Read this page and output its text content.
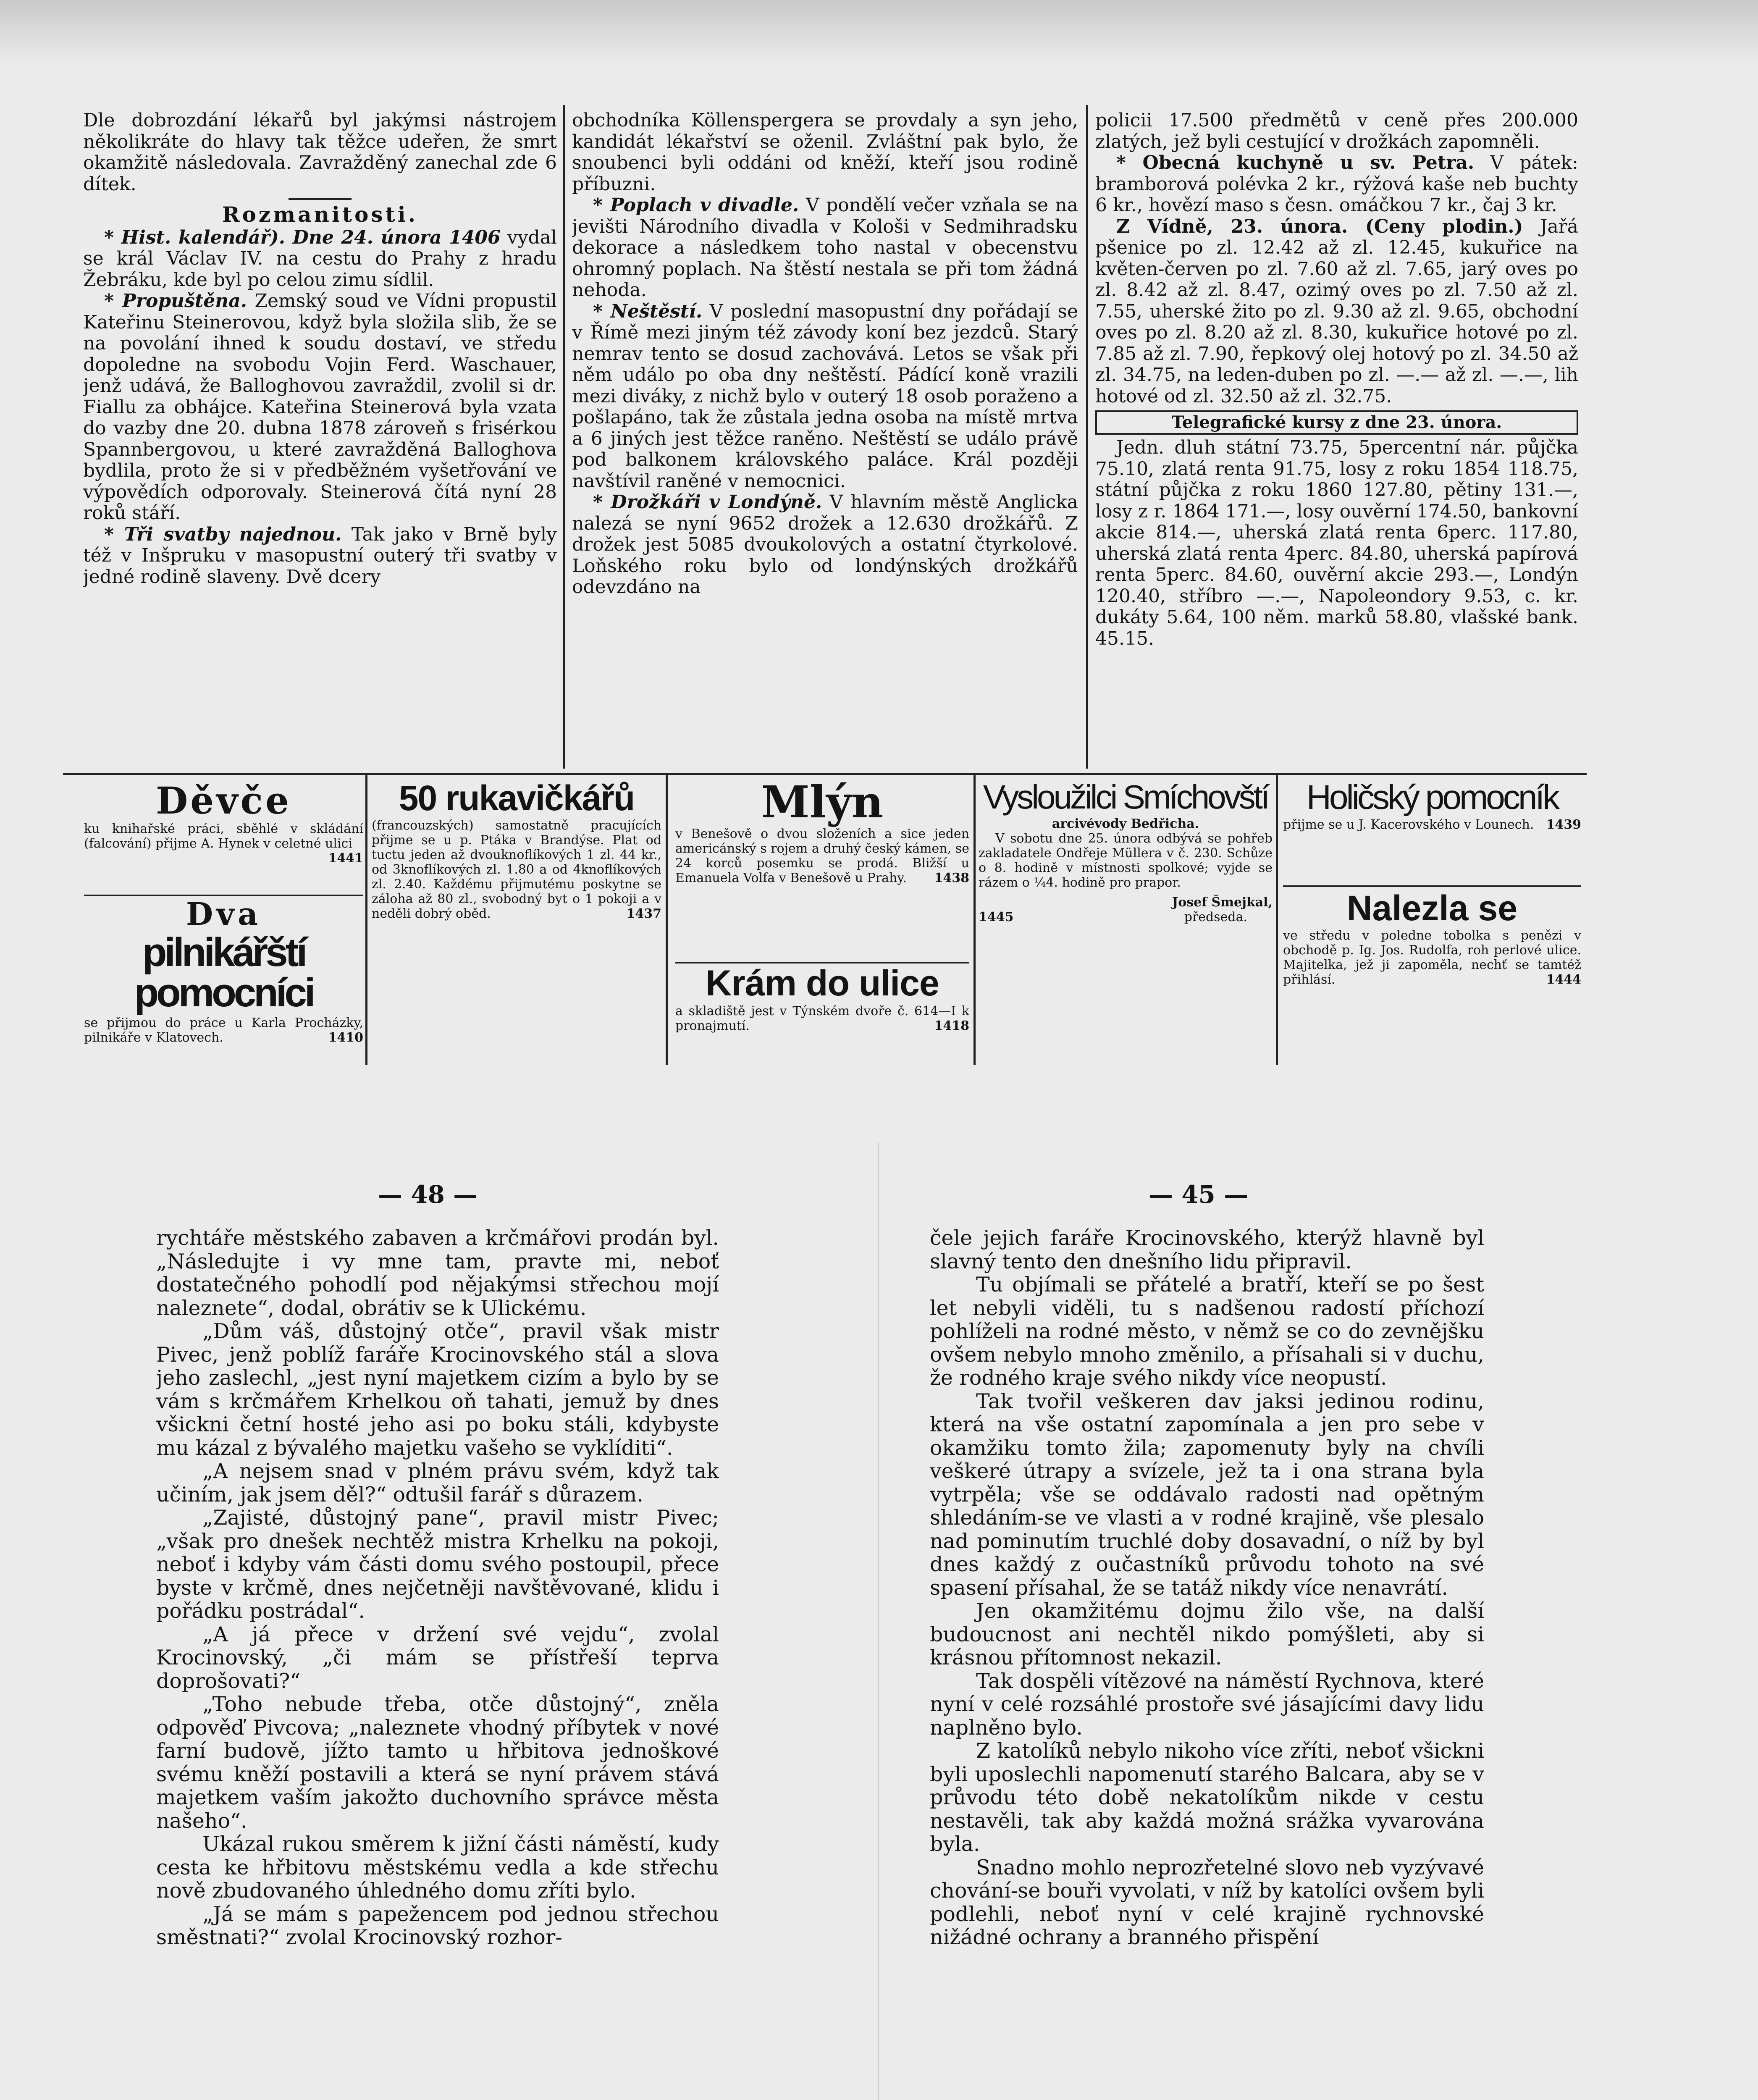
Dle dobrozdání lékařů byl jakýmsi nástrojem několikráte do hlavy tak těžce udeřen, že smrt okamžitě následovala. Zavražděný zanechal zde 6 dítek.

Rozmanitosti.

* Hist. kalendář). Dne 24. února 1406 vydal se král Václav IV. na cestu do Prahy z hradu Žebráku, kde byl po celou zimu sídlil.

* Propuštěna. Zemský soud ve Vídni propustil Kateřinu Steinerovou, když byla složila slib, že se na povolání ihned k soudu dostaví, ve středu dopoledne na svobodu Vojin Ferd. Waschauer, jenž udává, že Balloghovou zavraždil, zvolil si dr. Fiallu za obhájce. Kateřina Steinerová byla vzata do vazby dne 20. dubna 1878 zároveň s frisérkou Spannbergovou, u které zavražděná Balloghova bydlila, proto že si v předběžném vyšetřování ve výpovědích odporovaly. Steinerová čítá nyní 28 roků stáří.

* Tři svatby najednou. Tak jako v Brně byly též v Inšpruku v masopustní outerý tři svatby v jedné rodině slaveny. Dvě dcery

obchodníka Köllenspergera se provdaly a syn jeho, kandidát lékařství se oženil. Zvláštní pak bylo, že snoubenci byli oddáni od kněží, kteří jsou rodině příbuzni.

* Poplach v divadle. V pondělí večer vzňala se na jevišti Národního divadla v Kološi v Sedmihradsku dekorace a následkem toho nastal v obecenstvu ohromný poplach. Na štěstí nestala se při tom žádná nehoda.

* Neštěstí. V poslední masopustní dny pořádají se v Římě mezi jiným též závody koní bez jezdců. Starý nemrav tento se dosud zachovává. Letos se však při něm událo po oba dny neštěstí. Pádící koně vrazili mezi diváky, z nichž bylo v outerý 18 osob poraženo a pošlapáno, tak že zůstala jedna osoba na místě mrtva a 6 jiných jest těžce raněno. Neštěstí se událo právě pod balkonem královského paláce. Král později navštívil raněné v nemocnici.

* Drožkáři v Londýně. V hlavním městě Anglicka nalezá se nyní 9652 drožek a 12.630 drožkářů. Z drožek jest 5085 dvoukolových a ostatní čtyrkolové. Loňského roku bylo od londýnských drožkářů odevzdáno na

policii 17.500 předmětů v ceně přes 200.000 zlatých, jež byli cestující v drožkách zapomněli.

* Obecná kuchyně u sv. Petra. V pátek: bramborová polévka 2 kr., rýžová kaše neb buchty 6 kr., hovězí maso s česn. omáčkou 7 kr., čaj 3 kr.

Z Vídně, 23. února. (Ceny plodin.) Jařá pšenice po zl. 12.42 až zl. 12.45, kukuřice na květen-červen po zl. 7.60 až zl. 7.65, jarý oves po zl. 8.42 až zl. 8.47, ozimý oves po zl. 7.50 až zl. 7.55, uherské žito po zl. 9.30 až zl. 9.65, obchodní oves po zl. 8.20 až zl. 8.30, kukuřice hotové po zl. 7.85 až zl. 7.90, řepkový olej hotový po zl. 34.50 až zl. 34.75, na leden-duben po zl. —.— až zl. —.—, lih hotové od zl. 32.50 až zl. 32.75.

Telegrafické kursy z dne 23. února.

Jedn. dluh státní 73.75, 5percentní nár. půjčka 75.10, zlatá renta 91.75, losy z roku 1854 118.75, státní půjčka z roku 1860 127.80, pětiny 131.—, losy z r. 1864 171.—, losy ouvěrní 174.50, bankovní akcie 814.—, uherská zlatá renta 6perc. 117.80, uherská zlatá renta 4perc. 84.80, uherská papírová renta 5perc. 84.60, ouvěrní akcie 293.—, Londýn 120.40, stříbro —.—, Napoleondory 9.53, c. kr. dukáty 5.64, 100 něm. marků 58.80, vlašské bank. 45.15.

Děvče
ku knihařské práci, sběhlé v skládání (falcování) přijme A. Hynek v celetné ulici
1441
Dva
pilnikářští pomocníci
se přijmou do práce u Karla Procházky, pilnikáře v Klatovech.	1410
50 rukavičkářů
(francouzských) samostatně pracujících přijme se u p. Ptáka v Brandýse. Plat od tuctu jeden až dvouknoflíkových 1 zl. 44 kr., od 3knoflíkových zl. 1.80 a od 4knoflíkových zl. 2.40. Každému přijmutému poskytne se záloha až 80 zl., svobodný byt o 1 pokoji a v neděli dobrý oběd.	1437
Mlýn
v Benešově o dvou složeních a sice jeden americánský s rojem a druhý český kámen, se 24 korců posemku se prodá. Bližší u Emanuela Volfa v Benešově u Prahy. 1438
Krám do ulice
a skladiště jest v Týnském dvoře č. 614—I k pronajmutí.	1418
Vysloužilci Smíchovští
arcivévody Bedřicha.
V sobotu dne 25. února odbývá se pohřeb zakladatele Ondřeje Müllera v č. 230. Schůze o 8. hodině v místnosti spolkové; vyjde se rázem o ¼4. hodině pro prapor.
Josef Šmejkal,
1445	předseda.
Holičský pomocník
přijme se u J. Kacerovského v Lounech. 1439
Nalezla se
ve středu v poledne tobolka s penězi v obchodě p. Ig. Jos. Rudolfa, roh perlové ulice. Majitelka, jež ji zapoměla, nechť se tamtéž přihlásí.	1444
— 48 —

rychtáře městského zabaven a krčmářovi prodán byl. „Následujte i vy mne tam, pravte mi, neboť dostatečného pohodlí pod nějakýmsi střechou mojí naleznete“, dodal, obrátiv se k Ulickému.

„Dům váš, důstojný otče“, pravil však mistr Pivec, jenž poblíž faráře Krocinovského stál a slova jeho zaslechl, „jest nyní majetkem cizím a bylo by se vám s krčmářem Krhelkou oň tahati, jemuž by dnes všickni četní hosté jeho asi po boku stáli, kdybyste mu kázal z bývalého majetku vašeho se vyklíditi“.

„A nejsem snad v plném právu svém, když tak učiním, jak jsem děl?“ odtušil farář s důrazem.

„Zajisté, důstojný pane“, pravil mistr Pivec; „však pro dnešek nechtěž mistra Krhelku na pokoji, neboť i kdyby vám části domu svého postoupil, přece byste v krčmě, dnes nejčetněji navštěvované, klidu i pořádku postrádal“.

„A já přece v držení své vejdu“, zvolal Krocinovský, „či mám se přístřeší teprva doprošovati?“

„Toho nebude třeba, otče důstojný“, zněla odpověď Pivcova; „naleznete vhodný příbytek v nové farní budově, jížto tamto u hřbitova jednoškové svému kněží postavili a která se nyní právem stává majetkem vaším jakožto duchovního správce města našeho“.

Ukázal rukou směrem k jižní části náměstí, kudy cesta ke hřbitovu městskému vedla a kde střechu nově zbudovaného úhledného domu zříti bylo.

„Já se mám s papežencem pod jednou střechou směstnati?“ zvolal Krocinovský rozhor-

— 45 —

čele jejich faráře Krocinovského, kterýž hlavně byl slavný tento den dnešního lidu připravil.

Tu objímali se přátelé a bratří, kteří se po šest let nebyli viděli, tu s nadšenou radostí příchozí pohlíželi na rodné město, v němž se co do zevnějšku ovšem nebylo mnoho změnilo, a přísahali si v duchu, že rodného kraje svého nikdy více neopustí.

Tak tvořil veškeren dav jaksi jedinou rodinu, která na vše ostatní zapomínala a jen pro sebe v okamžiku tomto žila; zapomenuty byly na chvíli veškeré útrapy a svízele, jež ta i ona strana byla vytrpěla; vše se oddávalo radosti nad opětným shledáním-se ve vlasti a v rodné krajině, vše plesalo nad pominutím truchlé doby dosavadní, o níž by byl dnes každý z oučastníků průvodu tohoto na své spasení přísahal, že se tatáž nikdy více nenavrátí.

Jen okamžitému dojmu žilo vše, na další budoucnost ani nechtěl nikdo pomýšleti, aby si krásnou přítomnost nekazil.

Tak dospěli vítězové na náměstí Rychnova, které nyní v celé rozsáhlé prostoře své jásajícími davy lidu naplněno bylo.

Z katolíků nebylo nikoho více zříti, neboť všickni byli uposlechli napomenutí starého Balcara, aby se v průvodu této době nekatolíkům nikde v cestu nestavěli, tak aby každá možná srážka vyvarována byla.

Snadno mohlo neprozřetelné slovo neb vyzývavé chování-se bouři vyvolati, v níž by katolíci ovšem byli podlehli, neboť nyní v celé krajině rychnovské nižádné ochrany a branného přispění
